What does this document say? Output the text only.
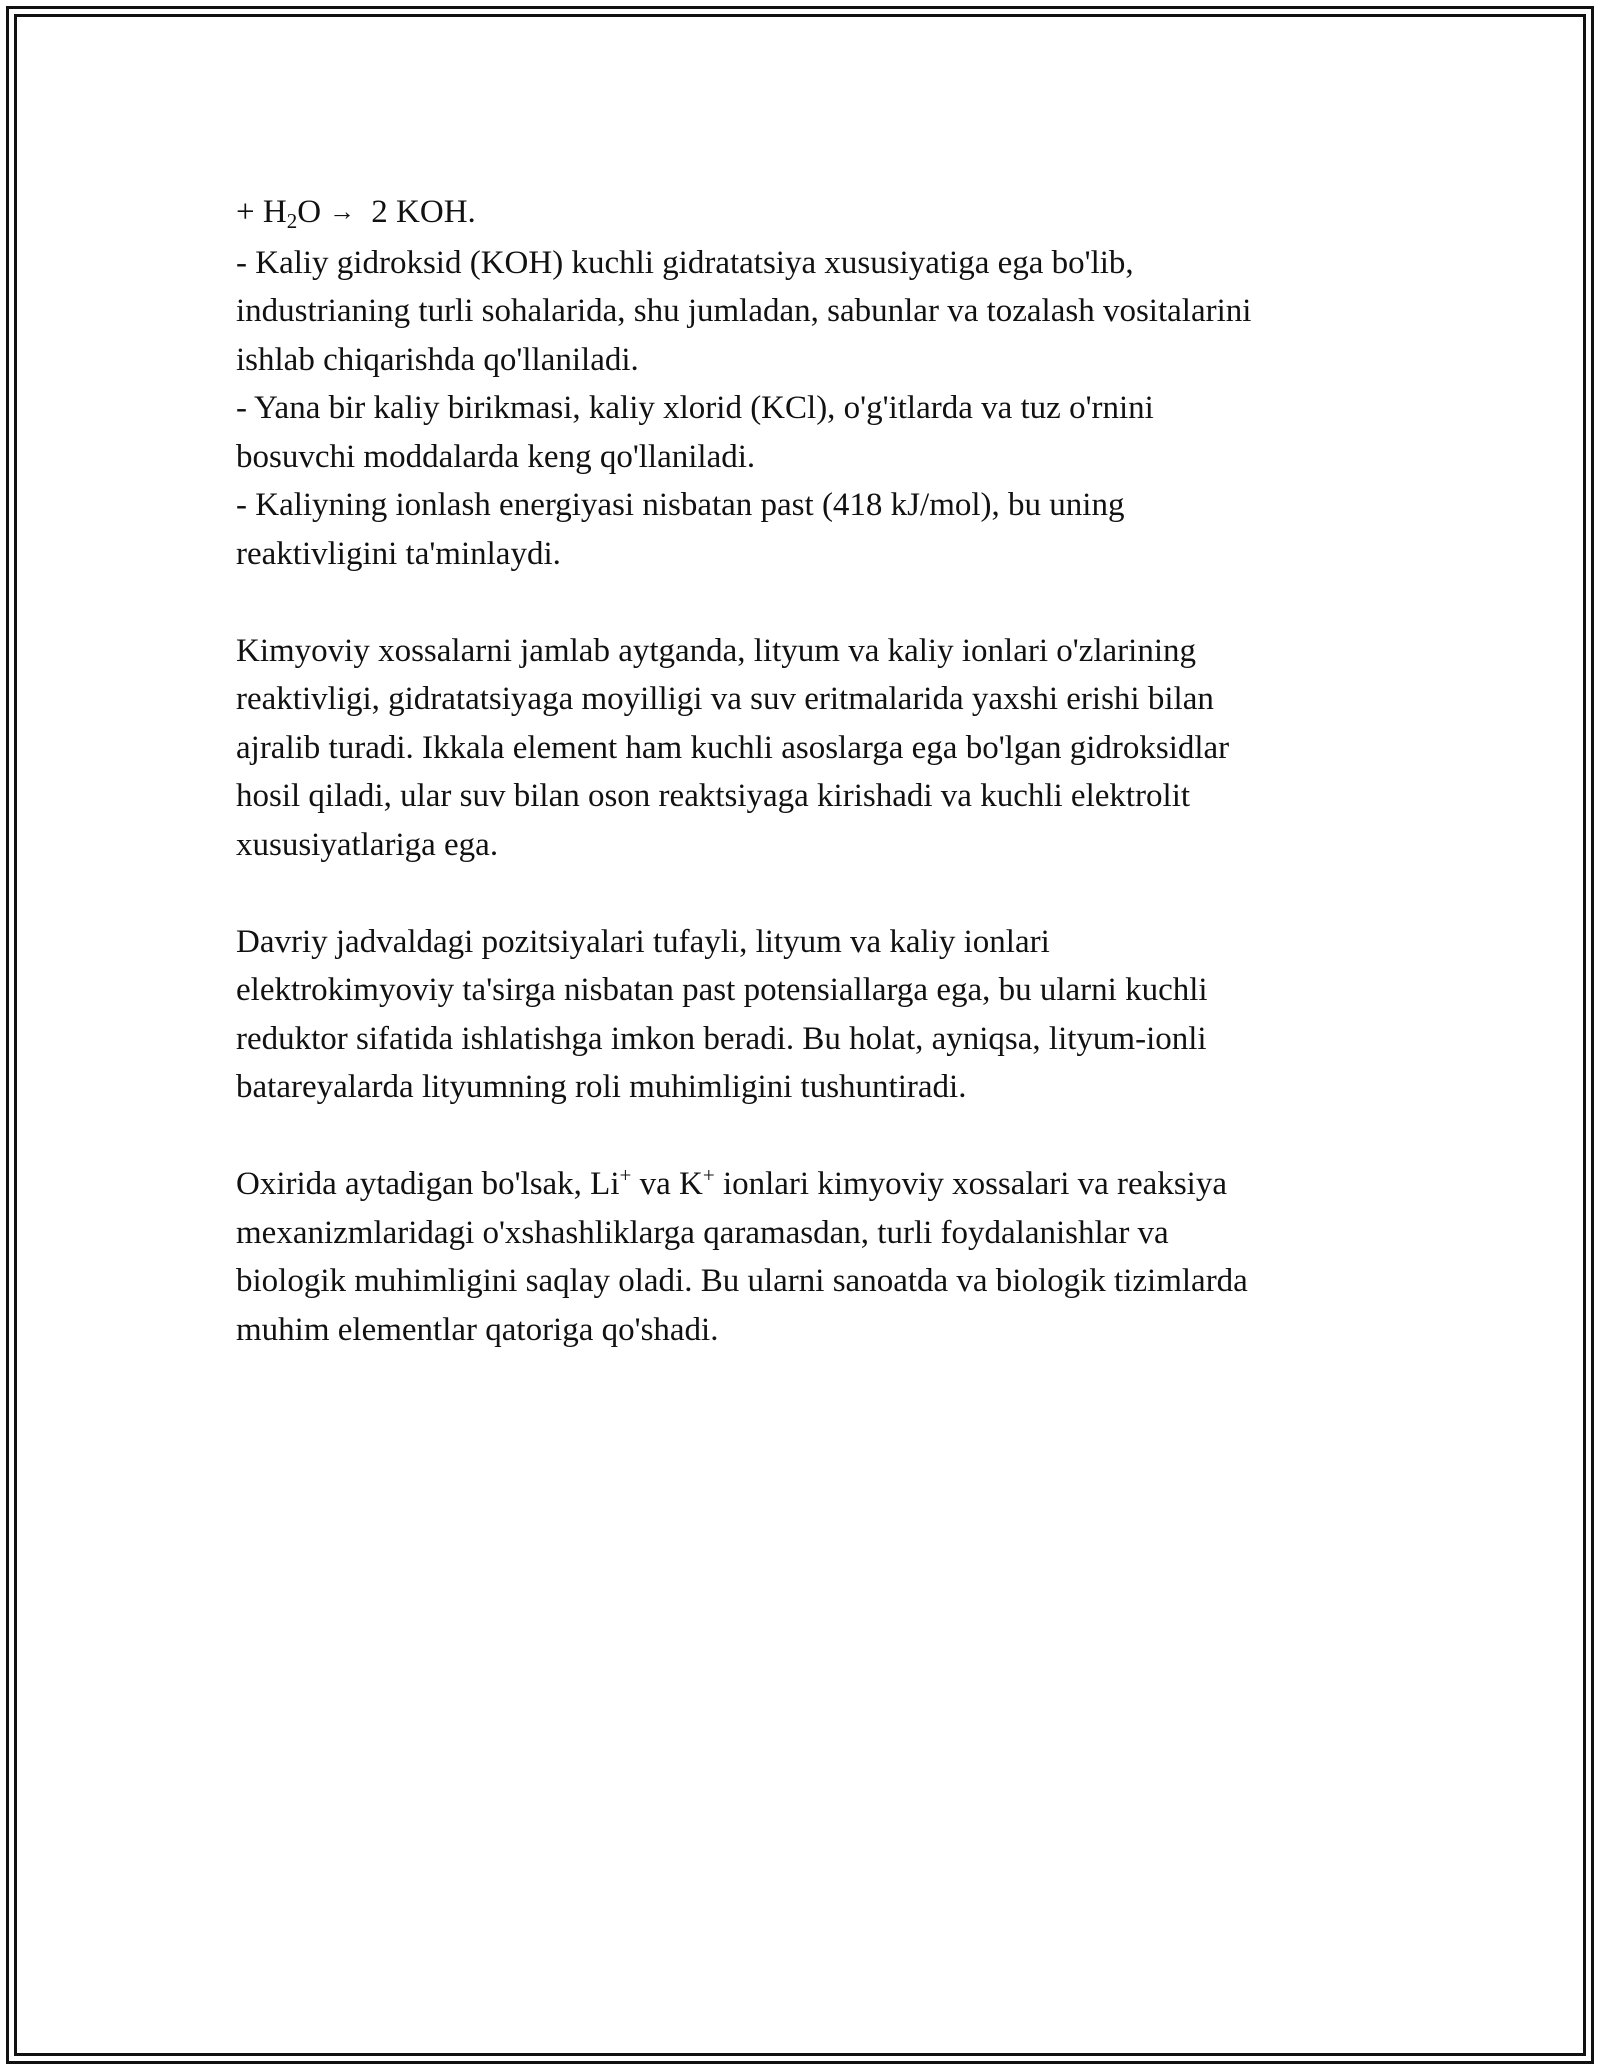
+ $H_2O \to 2$ KOH.
- Kaliy gidroksid (KOH) kuchli gidratatsiya xususiyatiga ega bo'lib,
industrianing turli sohalarida, shu jumladan, sabunlar va tozalash vositalarini
ishlab chiqarishda qo'llaniladi.
- Yana bir kaliy birikmasi, kaliy xlorid (KCl), o'g'itlarda va tuz o'rnini
bosuvchi moddalarda keng qo'llaniladi.
- Kaliyning ionlash energiyasi nisbatan past (418 kJ/mol), bu uning
reaktivligini ta'minlaydi.
Kimyoviy xossalarni jamlab aytganda, lityum va kaliy ionlari o'zlarining
reaktivligi, gidratatsiyaga moyilligi va suv eritmalarida yaxshi erishi bilan
ajralib turadi. Ikkala element ham kuchli asoslarga ega bo'lgan gidroksidlar
hosil qiladi, ular suv bilan oson reaktsiyaga kirishadi va kuchli elektrolit
xususiyatlariga ega.
Davriy jadvaldagi pozitsiyalari tufayli, lityum va kaliy ionlari
elektrokimyoviy ta'sirga nisbatan past potensiallarga ega, bu ularni kuchli
reduktor sifatida ishlatishga imkon beradi. Bu holat, ayniqsa, lityum-ionli
batareyalarda lityumning roli muhimligini tushuntiradi.
Oxirida aytadigan bo'lsak, Li+ va K+ ionlari kimyoviy xossalari va reaksiya
mexanizmlaridagi o'xshashliklarga qaramasdan, turli foydalanishlar va
biologik muhimligini saqlay oladi. Bu ularni sanoatda va biologik tizimlarda
muhim elementlar qatoriga qo'shadi.
